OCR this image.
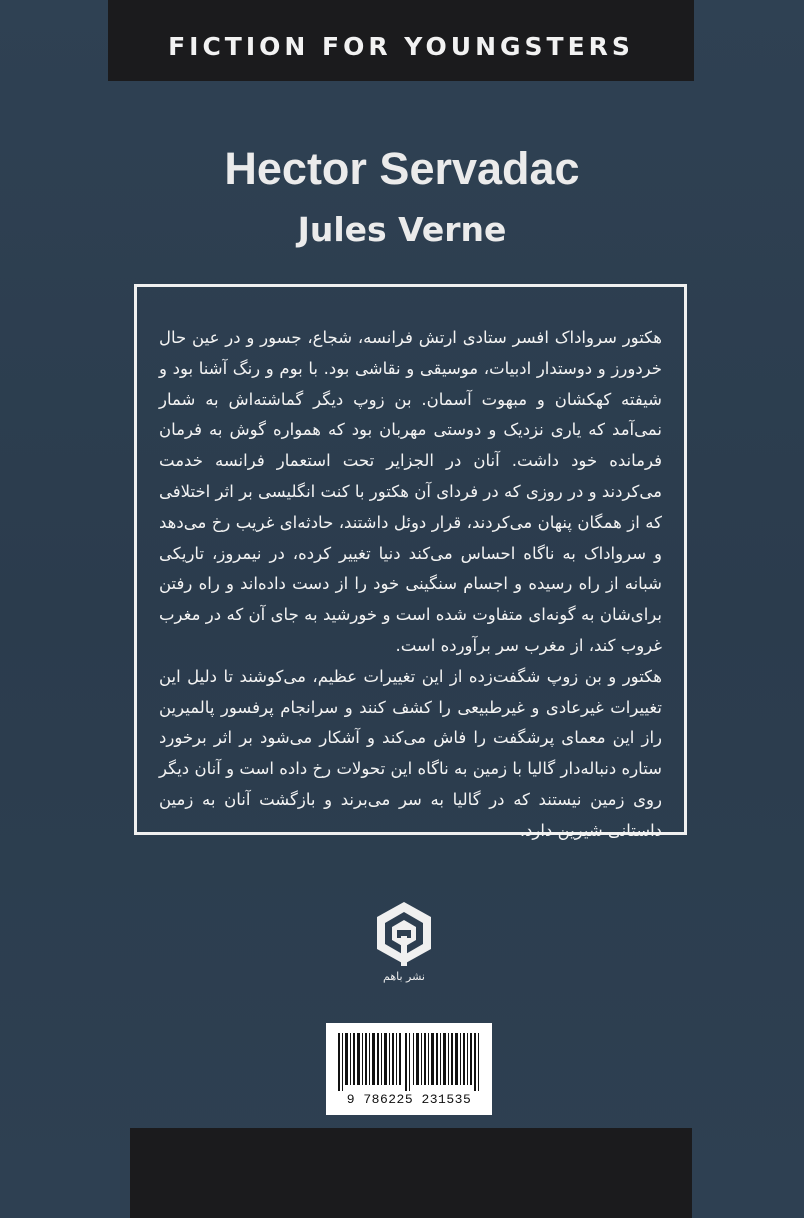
FICTION FOR YOUNGSTERS
Hector Servadac
Jules Verne

هکتور سرواداک افسر ستادی ارتش فرانسه، شجاع، جسور و در عین حال خردورز و دوستدار ادبیات، موسیقی و نقاشی بود. با بوم و رنگ آشنا بود و شیفته کهکشان و مبهوت آسمان. بن زوپ دیگر گماشته‌اش به شمار نمی‌آمد که یاری نزدیک و دوستی مهربان بود که همواره گوش به فرمان فرمانده خود داشت. آنان در الجزایر تحت استعمار فرانسه خدمت می‌کردند و در روزی که در فردای آن هکتور با کنت انگلیسی بر اثر اختلافی که از همگان پنهان می‌کردند، قرار دوئل داشتند، حادثه‌ای غریب رخ می‌دهد و سرواداک به ناگاه احساس می‌کند دنیا تغییر کرده، در نیمروز، تاریکی شبانه از راه رسیده و اجسام سنگینی خود را از دست داده‌اند و راه رفتن برای‌شان به گونه‌ای متفاوت شده است و خورشید به جای آن که در مغرب غروب کند، از مغرب سر برآورده است.

هکتور و بن زوپ شگفت‌زده از این تغییرات عظیم، می‌کوشند تا دلیل این تغییرات غیرعادی و غیرطبیعی را کشف کنند و سرانجام پرفسور پالمیرین راز این معمای پرشگفت را فاش می‌کند و آشکار می‌شود بر اثر برخورد ستاره دنباله‌دار گالیا با زمین به ناگاه این تحولات رخ داده است و آنان دیگر روی زمین نیستند که در گالیا به سر می‌برند و بازگشت آنان به زمین داستانی شیرین دارد.

نشر باهم
9 786225 231535
